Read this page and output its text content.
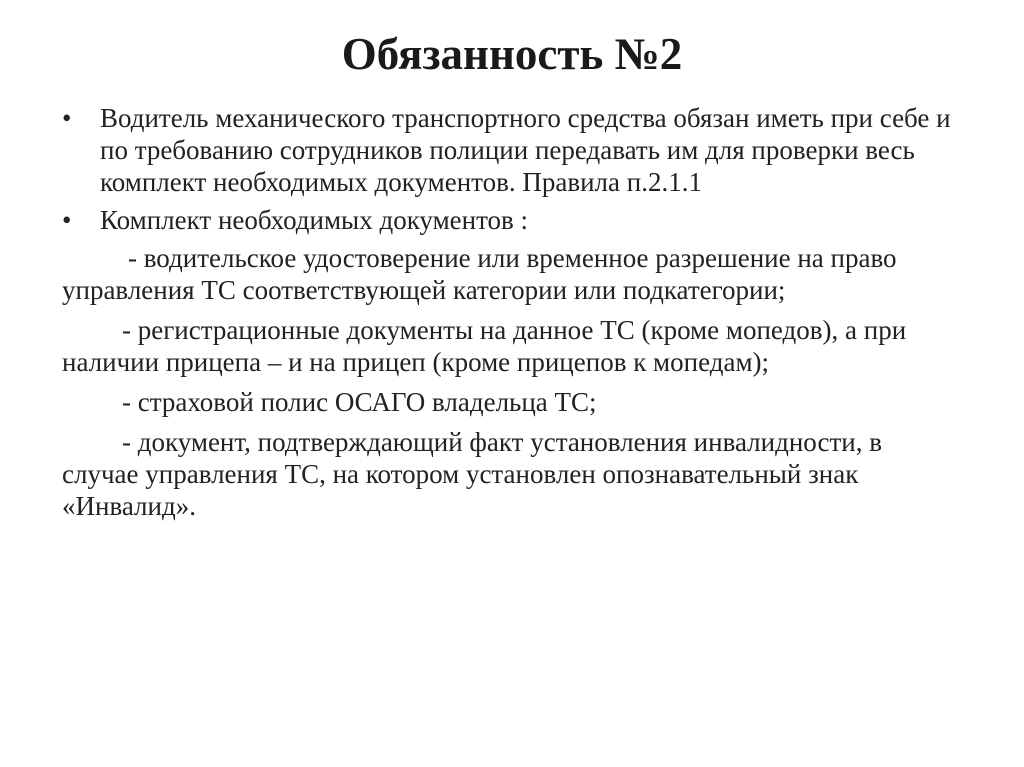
Обязанность №2
•	Водитель механического транспортного средства обязан иметь при себе и по требованию сотрудников полиции передавать им для проверки весь комплект необходимых документов. Правила п.2.1.1
•	Комплект необходимых документов :

- водительское удостоверение или временное разрешение на право управления ТС соответствующей категории или подкатегории;

- регистрационные документы на данное ТС (кроме мопедов), а при наличии прицепа – и на прицеп (кроме прицепов к мопедам);

- страховой полис ОСАГО владельца ТС;

- документ, подтверждающий факт установления инвалидности, в случае управления ТС, на котором установлен опознавательный знак «Инвалид».
